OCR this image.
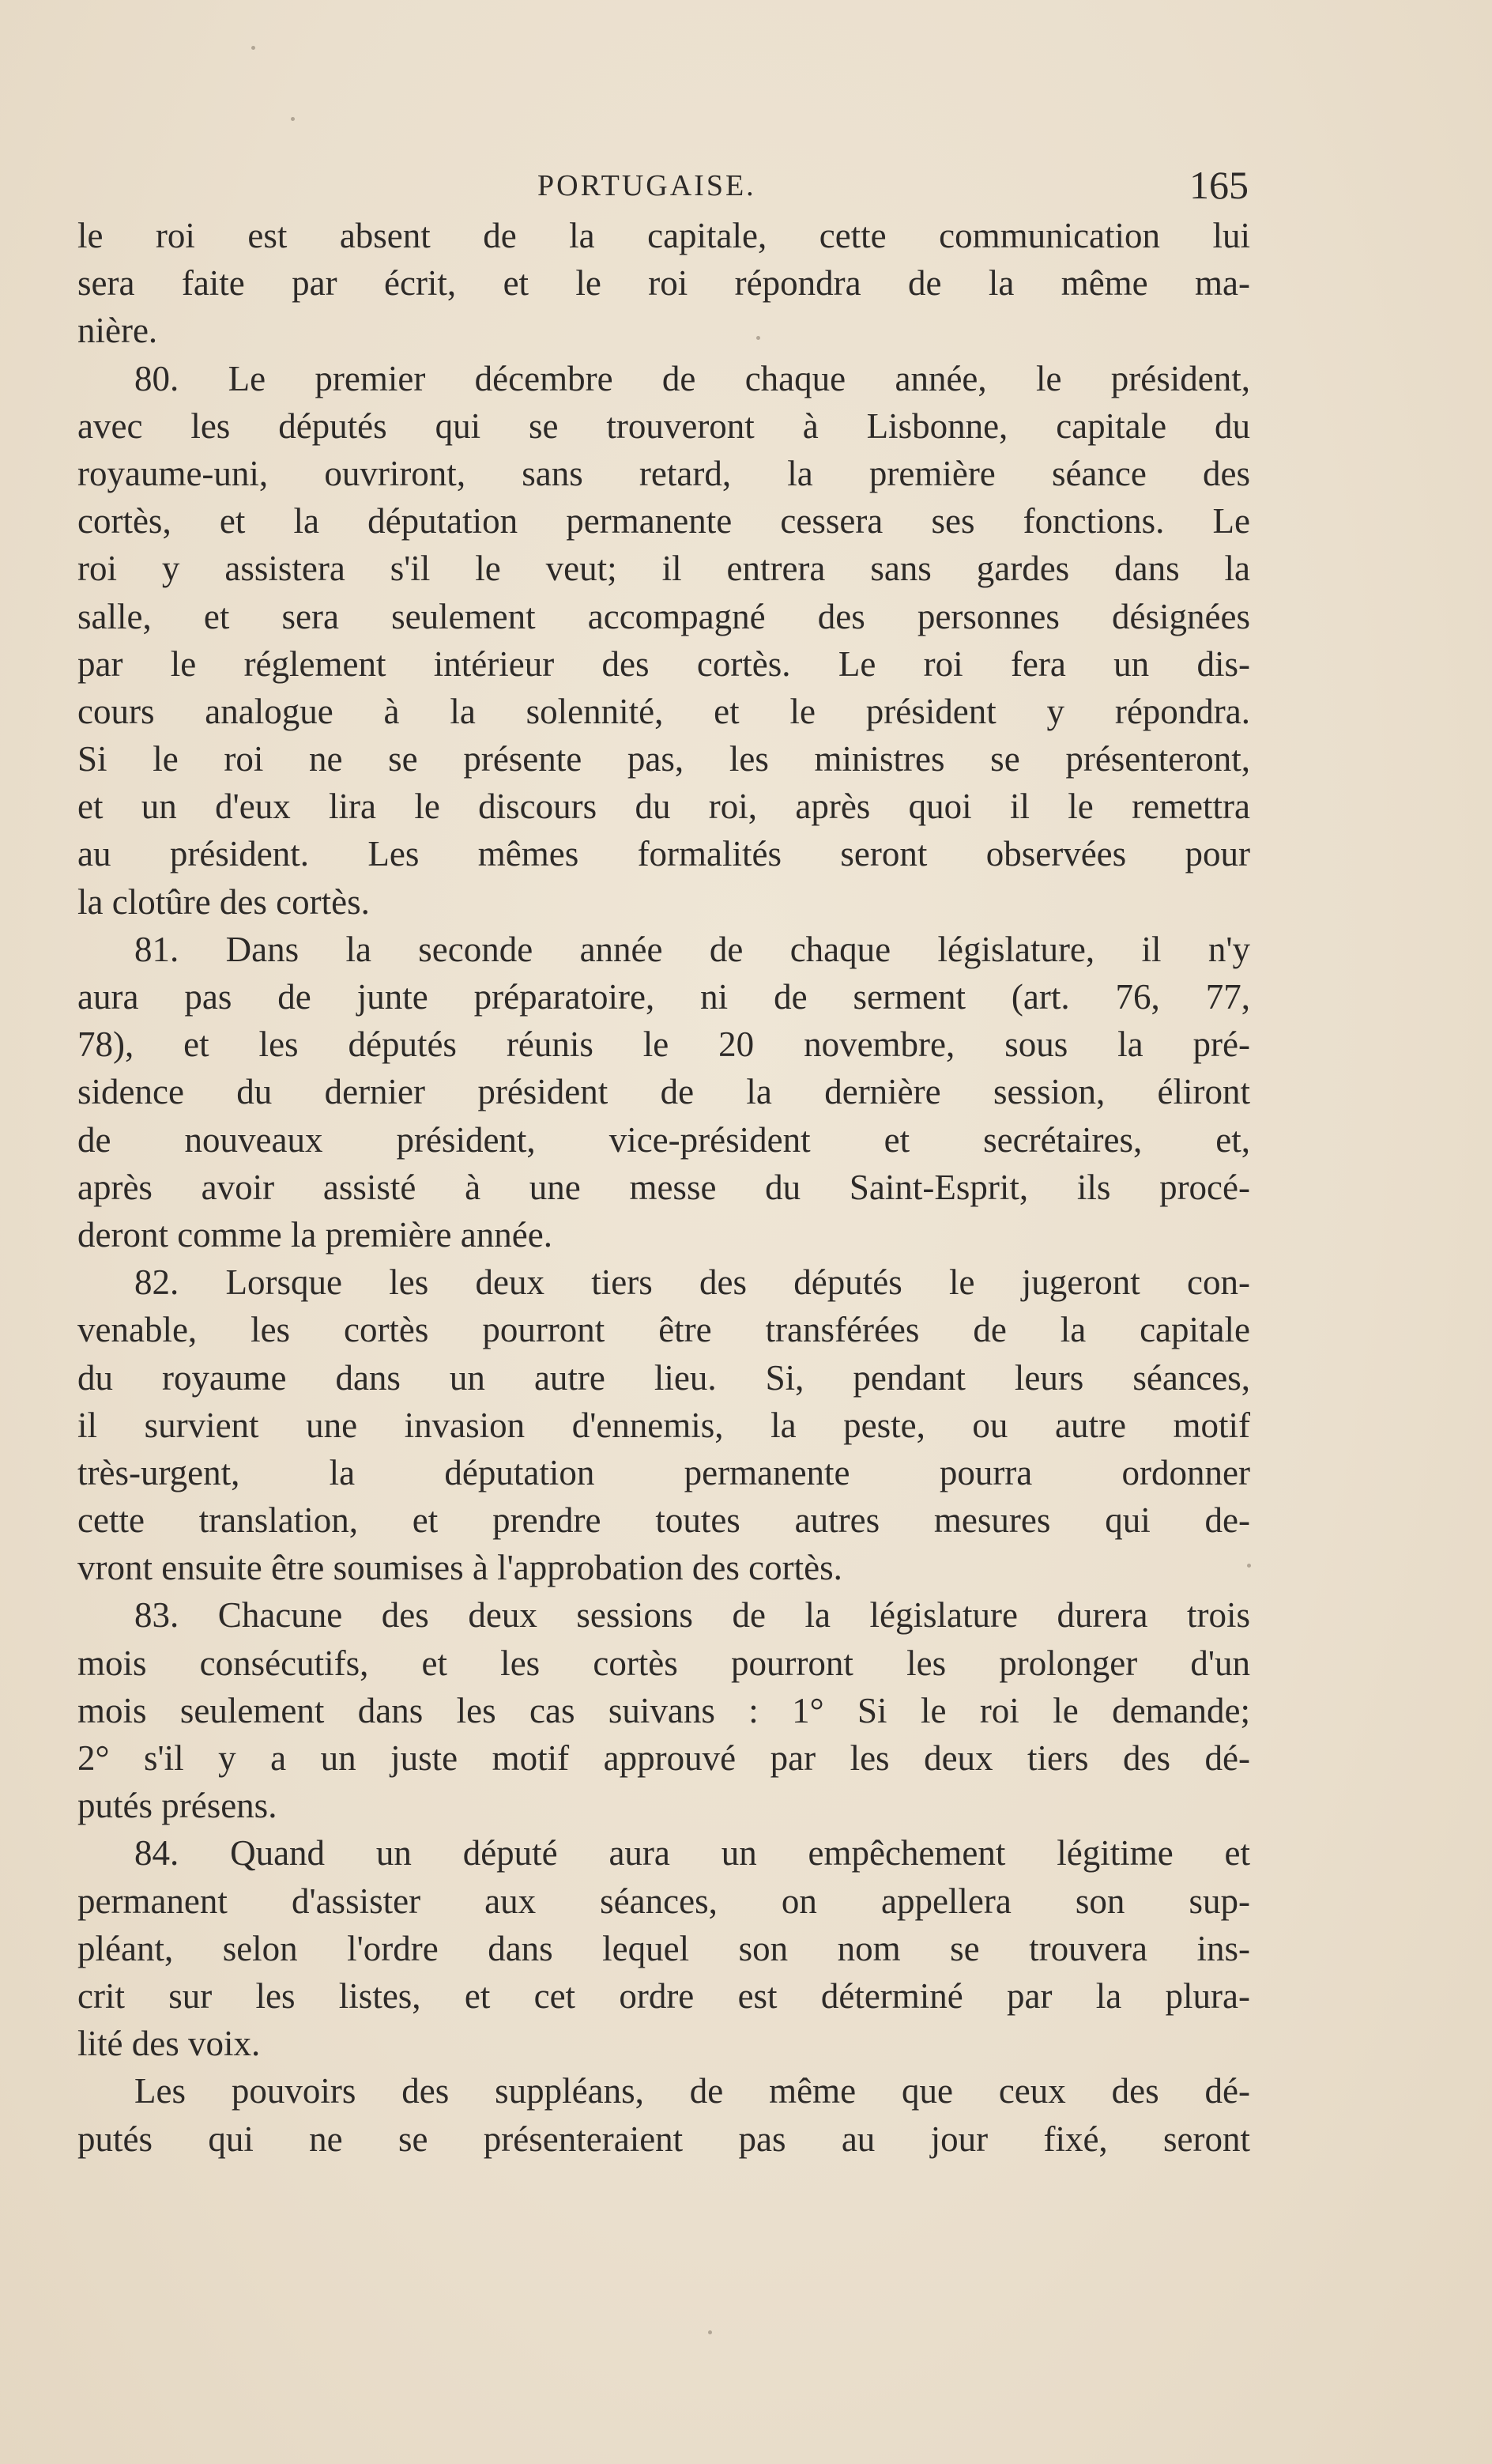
PORTUGAISE.	165
le roi est absent de la capitale, cette communication lui
sera faite par écrit, et le roi répondra de la même ma-
nière.
80. Le premier décembre de chaque année, le président,
avec les députés qui se trouveront à Lisbonne, capitale du
royaume-uni, ouvriront, sans retard, la première séance des
cortès, et la députation permanente cessera ses fonctions. Le
roi y assistera s'il le veut; il entrera sans gardes dans la
salle, et sera seulement accompagné des personnes désignées
par le réglement intérieur des cortès. Le roi fera un dis-
cours analogue à la solennité, et le président y répondra.
Si le roi ne se présente pas, les ministres se présenteront,
et un d'eux lira le discours du roi, après quoi il le remettra
au président. Les mêmes formalités seront observées pour
la clotûre des cortès.
81. Dans la seconde année de chaque législature, il n'y
aura pas de junte préparatoire, ni de serment (art. 76, 77,
78), et les députés réunis le 20 novembre, sous la pré-
sidence du dernier président de la dernière session, éliront
de nouveaux président, vice-président et secrétaires, et,
après avoir assisté à une messe du Saint-Esprit, ils procé-
deront comme la première année.
82. Lorsque les deux tiers des députés le jugeront con-
venable, les cortès pourront être transférées de la capitale
du royaume dans un autre lieu. Si, pendant leurs séances,
il survient une invasion d'ennemis, la peste, ou autre motif
très-urgent, la députation permanente pourra ordonner
cette translation, et prendre toutes autres mesures qui de-
vront ensuite être soumises à l'approbation des cortès.
83. Chacune des deux sessions de la législature durera trois
mois consécutifs, et les cortès pourront les prolonger d'un
mois seulement dans les cas suivans : 1° Si le roi le demande;
2° s'il y a un juste motif approuvé par les deux tiers des dé-
putés présens.
84. Quand un député aura un empêchement légitime et
permanent d'assister aux séances, on appellera son sup-
pléant, selon l'ordre dans lequel son nom se trouvera ins-
crit sur les listes, et cet ordre est déterminé par la plura-
lité des voix.
Les pouvoirs des suppléans, de même que ceux des dé-
putés qui ne se présenteraient pas au jour fixé, seront
